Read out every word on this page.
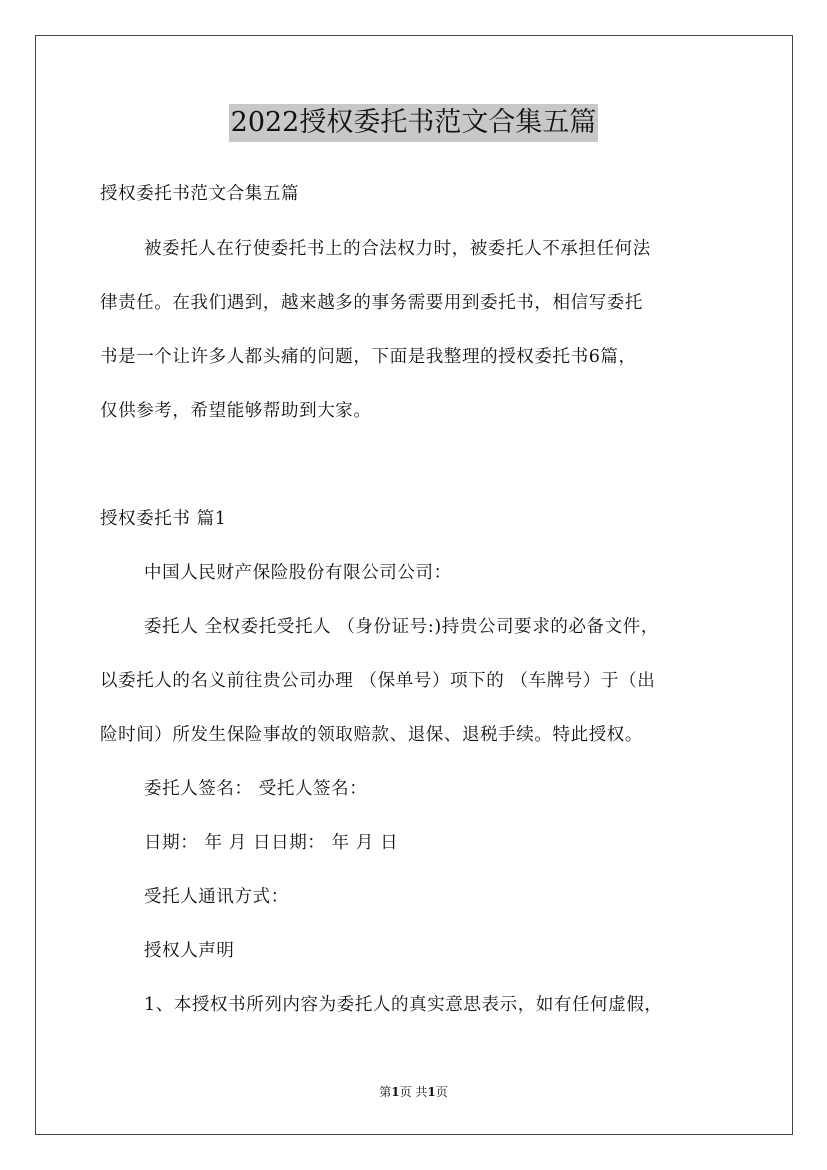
2022授权委托书范文合集五篇
授权委托书范文合集五篇
被委托人在行使委托书上的合法权力时，被委托人不承担任何法
律责任。在我们遇到，越来越多的事务需要用到委托书，相信写委托
书是一个让许多人都头痛的问题，下面是我整理的授权委托书6篇，
仅供参考，希望能够帮助到大家。
授权委托书 篇1
中国人民财产保险股份有限公司公司：
委托人 全权委托受托人 （身份证号:)持贵公司要求的必备文件，
以委托人的名义前往贵公司办理 （保单号）项下的 （车牌号）于（出
险时间）所发生保险事故的领取赔款、退保、退税手续。特此授权。
委托人签名： 受托人签名：
日期： 年 月 日日期： 年 月 日
受托人通讯方式：
授权人声明
1、本授权书所列内容为委托人的真实意思表示，如有任何虚假，
第1页 共1页
